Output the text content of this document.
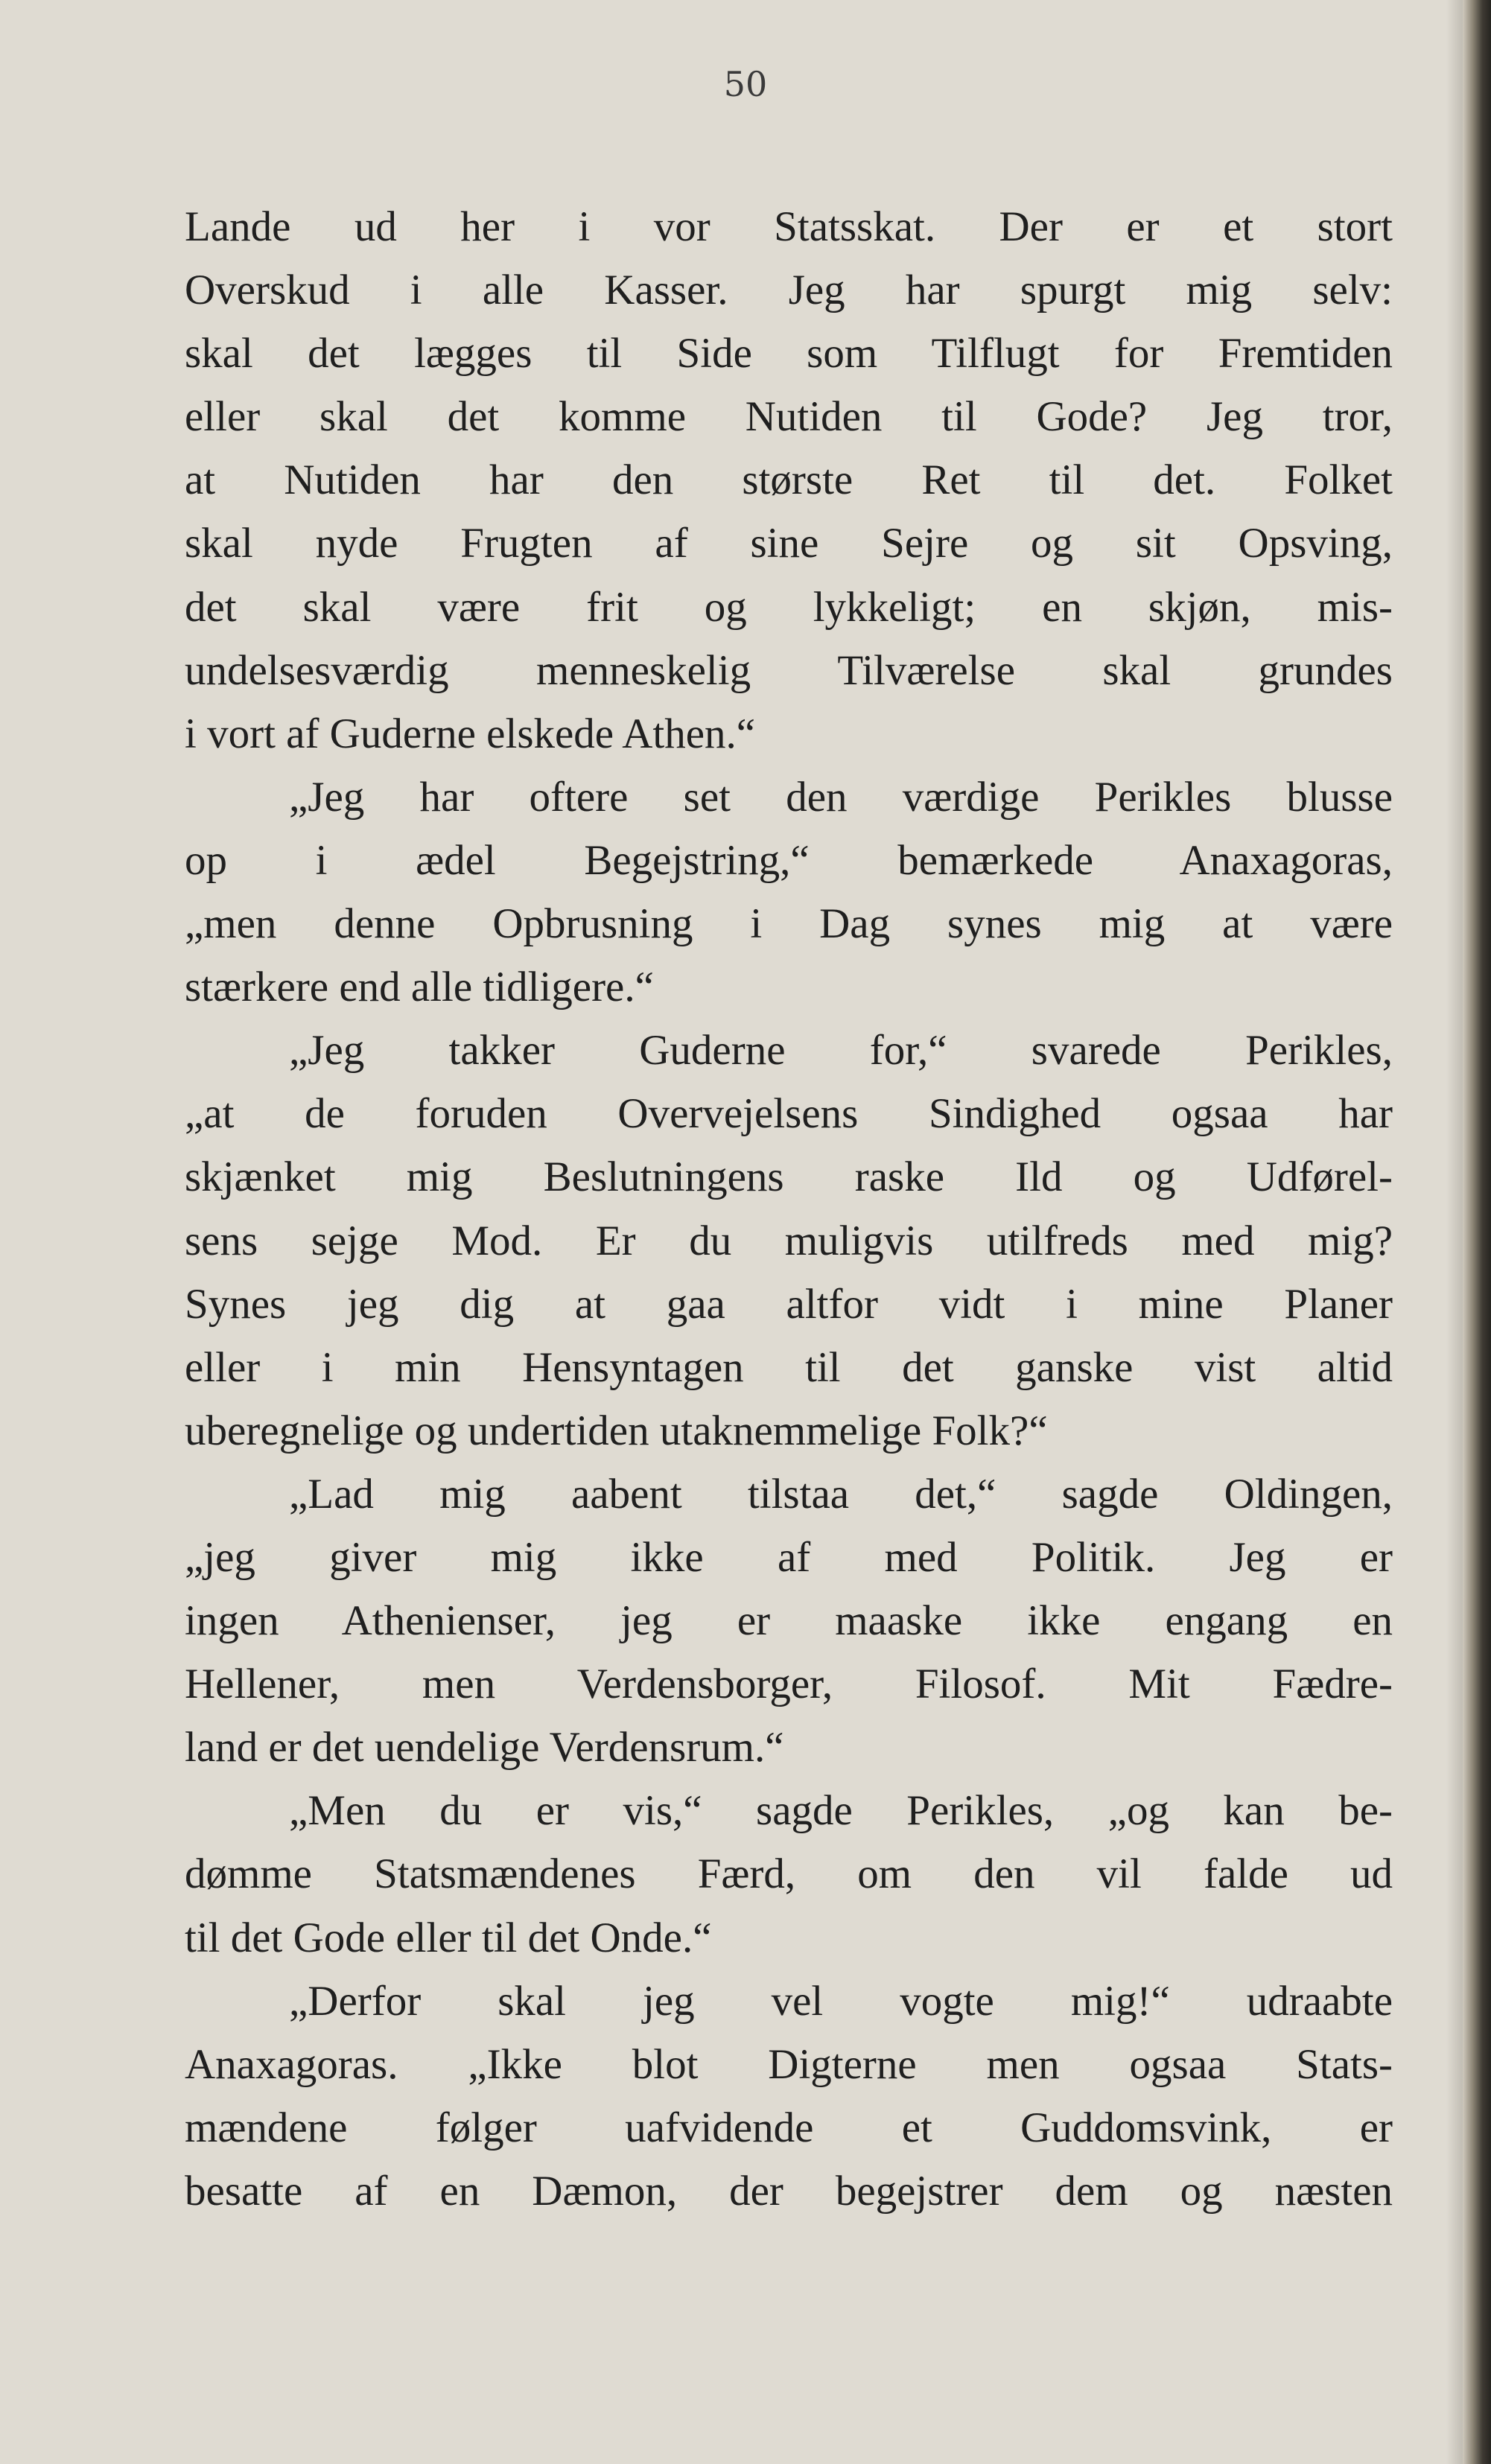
50
Lande ud her i vor Statsskat. Der er et stort
Overskud i alle Kasser. Jeg har spurgt mig selv:
skal det lægges til Side som Tilflugt for Fremtiden
eller skal det komme Nutiden til Gode? Jeg tror,
at Nutiden har den største Ret til det. Folket
skal nyde Frugten af sine Sejre og sit Opsving,
det skal være frit og lykkeligt; en skjøn, mis-
undelsesværdig menneskelig Tilværelse skal grundes
i vort af Guderne elskede Athen.“
„Jeg har oftere set den værdige Perikles blusse
op i ædel Begejstring,“ bemærkede Anaxagoras,
„men denne Opbrusning i Dag synes mig at være
stærkere end alle tidligere.“
„Jeg takker Guderne for,“ svarede Perikles,
„at de foruden Overvejelsens Sindighed ogsaa har
skjænket mig Beslutningens raske Ild og Udførel-
sens sejge Mod. Er du muligvis utilfreds med mig?
Synes jeg dig at gaa altfor vidt i mine Planer
eller i min Hensyntagen til det ganske vist altid
uberegnelige og undertiden utaknemmelige Folk?“
„Lad mig aabent tilstaa det,“ sagde Oldingen,
„jeg giver mig ikke af med Politik. Jeg er
ingen Athenienser, jeg er maaske ikke engang en
Hellener, men Verdensborger, Filosof. Mit Fædre-
land er det uendelige Verdensrum.“
„Men du er vis,“ sagde Perikles, „og kan be-
dømme Statsmændenes Færd, om den vil falde ud
til det Gode eller til det Onde.“
„Derfor skal jeg vel vogte mig!“ udraabte
Anaxagoras. „Ikke blot Digterne men ogsaa Stats-
mændene følger uafvidende et Guddomsvink, er
besatte af en Dæmon, der begejstrer dem og næsten
